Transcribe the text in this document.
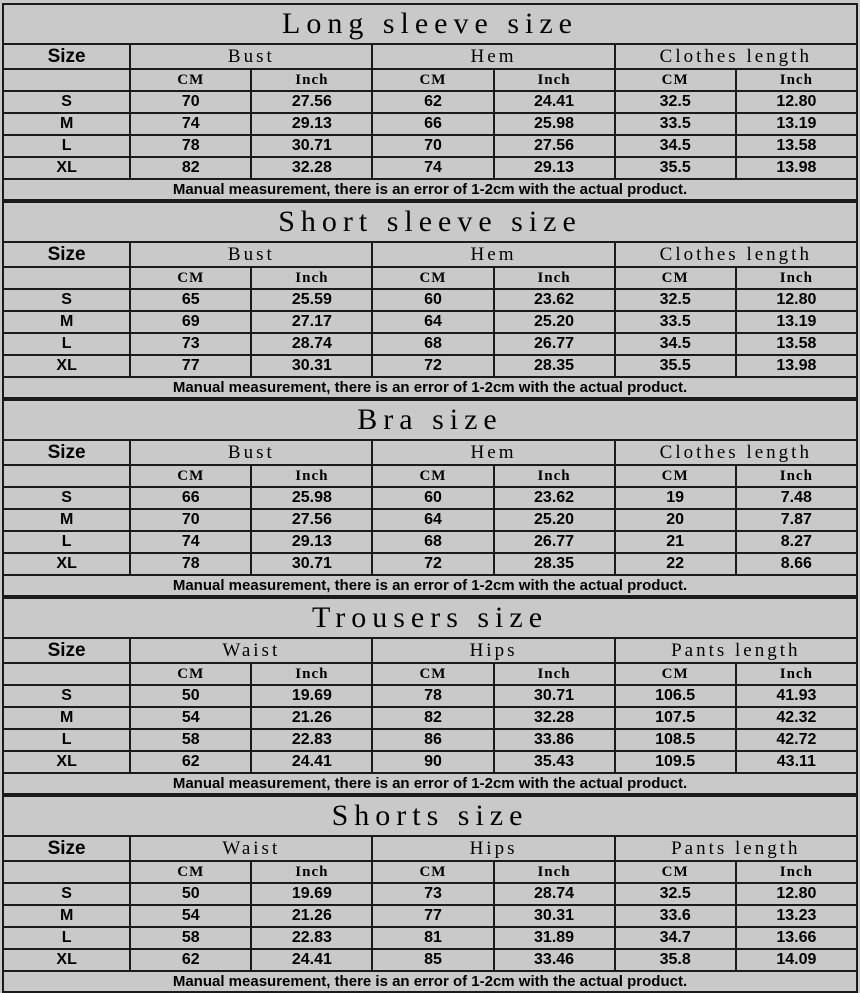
Long sleeve size						
Size	Bust		Hem		Clothes length	
	CM	Inch	CM	Inch	CM	Inch
S	70	27.56	62	24.41	32.5	12.80
M	74	29.13	66	25.98	33.5	13.19
L	78	30.71	70	27.56	34.5	13.58
XL	82	32.28	74	29.13	35.5	13.98
Manual measurement, there is an error of 1-2cm with the actual product.						
Short sleeve size						
Size	Bust		Hem		Clothes length	
	CM	Inch	CM	Inch	CM	Inch
S	65	25.59	60	23.62	32.5	12.80
M	69	27.17	64	25.20	33.5	13.19
L	73	28.74	68	26.77	34.5	13.58
XL	77	30.31	72	28.35	35.5	13.98
Manual measurement, there is an error of 1-2cm with the actual product.						
Bra size						
Size	Bust		Hem		Clothes length	
	CM	Inch	CM	Inch	CM	Inch
S	66	25.98	60	23.62	19	7.48
M	70	27.56	64	25.20	20	7.87
L	74	29.13	68	26.77	21	8.27
XL	78	30.71	72	28.35	22	8.66
Manual measurement, there is an error of 1-2cm with the actual product.						
Trousers size						
Size	Waist		Hips		Pants length	
	CM	Inch	CM	Inch	CM	Inch
S	50	19.69	78	30.71	106.5	41.93
M	54	21.26	82	32.28	107.5	42.32
L	58	22.83	86	33.86	108.5	42.72
XL	62	24.41	90	35.43	109.5	43.11
Manual measurement, there is an error of 1-2cm with the actual product.						
Shorts size						
Size	Waist		Hips		Pants length	
	CM	Inch	CM	Inch	CM	Inch
S	50	19.69	73	28.74	32.5	12.80
M	54	21.26	77	30.31	33.6	13.23
L	58	22.83	81	31.89	34.7	13.66
XL	62	24.41	85	33.46	35.8	14.09
Manual measurement, there is an error of 1-2cm with the actual product.						
